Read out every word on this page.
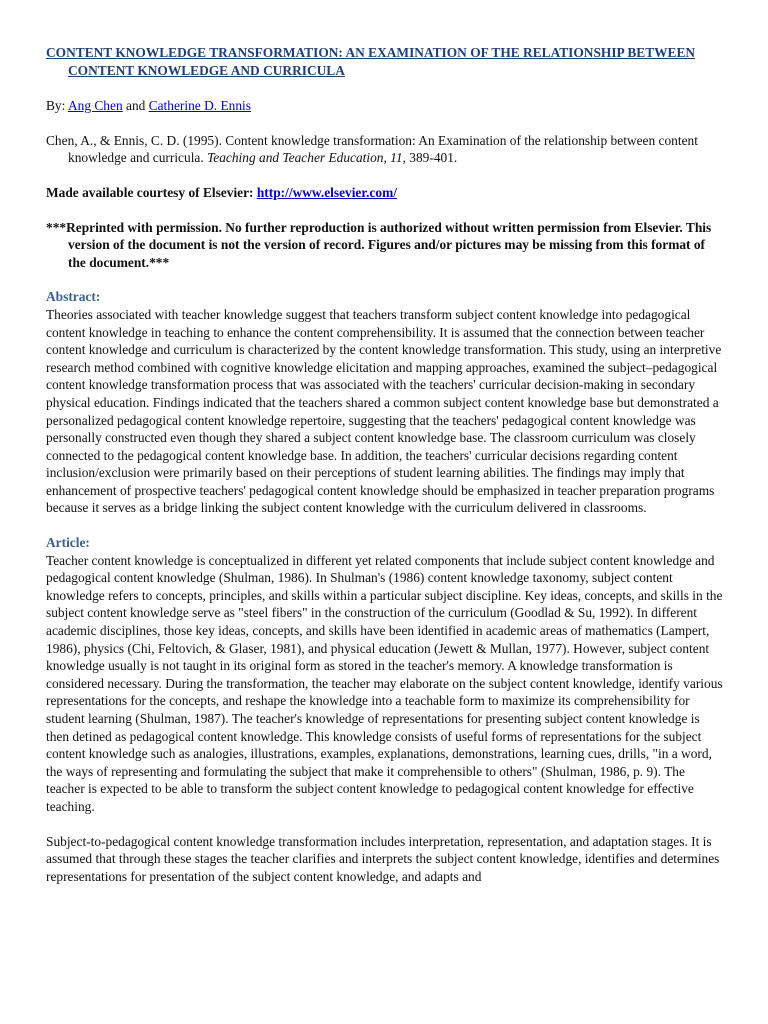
CONTENT KNOWLEDGE TRANSFORMATION: AN EXAMINATION OF THE RELATIONSHIP BETWEEN CONTENT KNOWLEDGE AND CURRICULA

By: Ang Chen and Catherine D. Ennis

Chen, A., & Ennis, C. D. (1995). Content knowledge transformation: An Examination of the relationship between content knowledge and curricula. Teaching and Teacher Education, 11, 389-401.

Made available courtesy of Elsevier: http://www.elsevier.com/

***Reprinted with permission. No further reproduction is authorized without written permission from Elsevier. This version of the document is not the version of record. Figures and/or pictures may be missing from this format of the document.***

Abstract:

Theories associated with teacher knowledge suggest that teachers transform subject content knowledge into pedagogical content knowledge in teaching to enhance the content comprehensibility. It is assumed that the connection between teacher content knowledge and curriculum is characterized by the content knowledge transformation. This study, using an interpretive research method combined with cognitive knowledge elicitation and mapping approaches, examined the subject–pedagogical content knowledge transformation process that was associated with the teachers' curricular decision-making in secondary physical education. Findings indicated that the teachers shared a common subject content knowledge base but demonstrated a personalized pedagogical content knowledge repertoire, suggesting that the teachers' pedagogical content knowledge was personally constructed even though they shared a subject content knowledge base. The classroom curriculum was closely connected to the pedagogical content knowledge base. In addition, the teachers' curricular decisions regarding content inclusion/exclusion were primarily based on their perceptions of student learning abilities. The findings may imply that enhancement of prospective teachers' pedagogical content knowledge should be emphasized in teacher preparation programs because it serves as a bridge linking the subject content knowledge with the curriculum delivered in classrooms.

Article:

Teacher content knowledge is conceptualized in different yet related components that include subject content knowledge and pedagogical content knowledge (Shulman, 1986). In Shulman's (1986) content knowledge taxonomy, subject content knowledge refers to concepts, principles, and skills within a particular subject discipline. Key ideas, concepts, and skills in the subject content knowledge serve as "steel fibers" in the construction of the curriculum (Goodlad & Su, 1992). In different academic disciplines, those key ideas, concepts, and skills have been identified in academic areas of mathematics (Lampert, 1986), physics (Chi, Feltovich, & Glaser, 1981), and physical education (Jewett & Mullan, 1977). However, subject content knowledge usually is not taught in its original form as stored in the teacher's memory. A knowledge transformation is considered necessary. During the transformation, the teacher may elaborate on the subject content knowledge, identify various representations for the concepts, and reshape the knowledge into a teachable form to maximize its comprehensibility for student learning (Shulman, 1987). The teacher's knowledge of representations for presenting subject content knowledge is then detined as pedagogical content knowledge. This knowledge consists of useful forms of representations for the subject content knowledge such as analogies, illustrations, examples, explanations, demonstrations, learning cues, drills, "in a word, the ways of representing and formulating the subject that make it comprehensible to others" (Shulman, 1986, p. 9). The teacher is expected to be able to transform the subject content knowledge to pedagogical content knowledge for effective teaching.

Subject-to-pedagogical content knowledge transformation includes interpretation, representation, and adaptation stages. It is assumed that through these stages the teacher clarifies and interprets the subject content knowledge, identifies and determines representations for presentation of the subject content knowledge, and adapts and
